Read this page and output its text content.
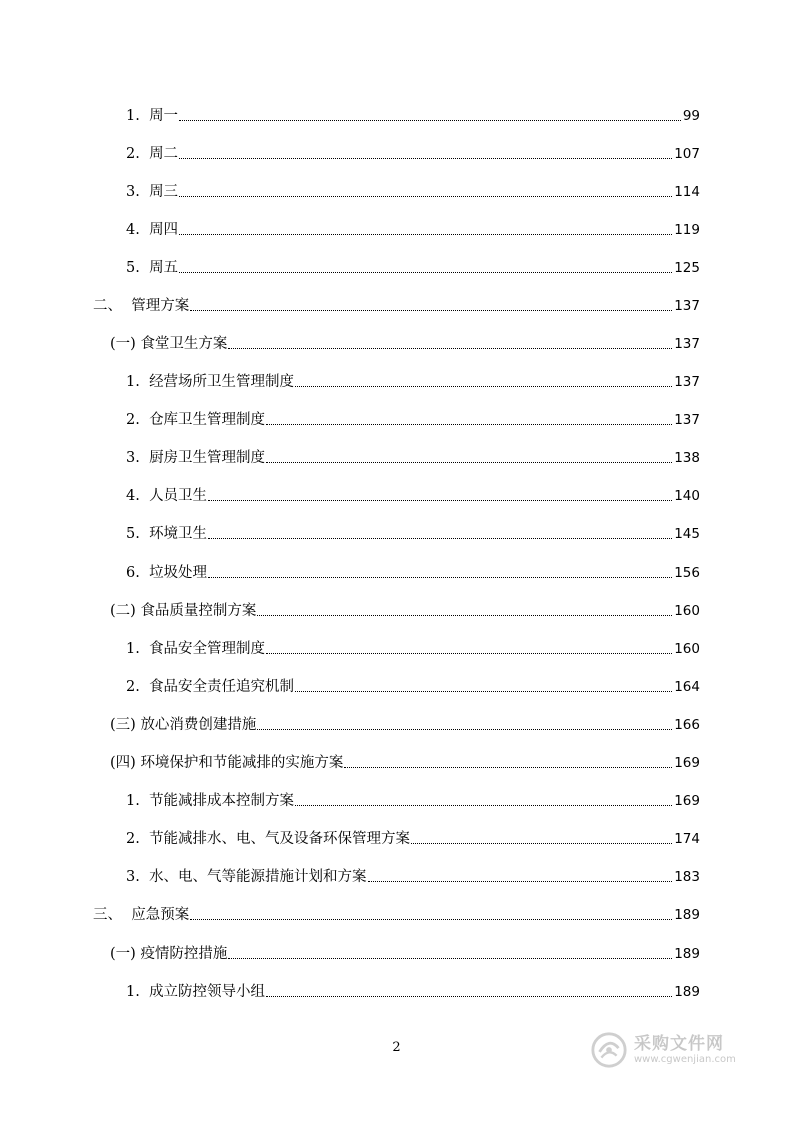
1. 周一	99
2. 周二	107
3. 周三	114
4. 周四	119
5. 周五	125
二、 管理方案	137
(一) 食堂卫生方案	137
1. 经营场所卫生管理制度	137
2. 仓库卫生管理制度	137
3. 厨房卫生管理制度	138
4. 人员卫生	140
5. 环境卫生	145
6. 垃圾处理	156
(二) 食品质量控制方案	160
1. 食品安全管理制度	160
2. 食品安全责任追究机制	164
(三) 放心消费创建措施	166
(四) 环境保护和节能减排的实施方案	169
1. 节能减排成本控制方案	169
2. 节能减排水、电、气及设备环保管理方案	174
3. 水、电、气等能源措施计划和方案	183
三、 应急预案	189
(一) 疫情防控措施	189
1. 成立防控领导小组	189
2	采购文件网
www.cgwenjian.com
